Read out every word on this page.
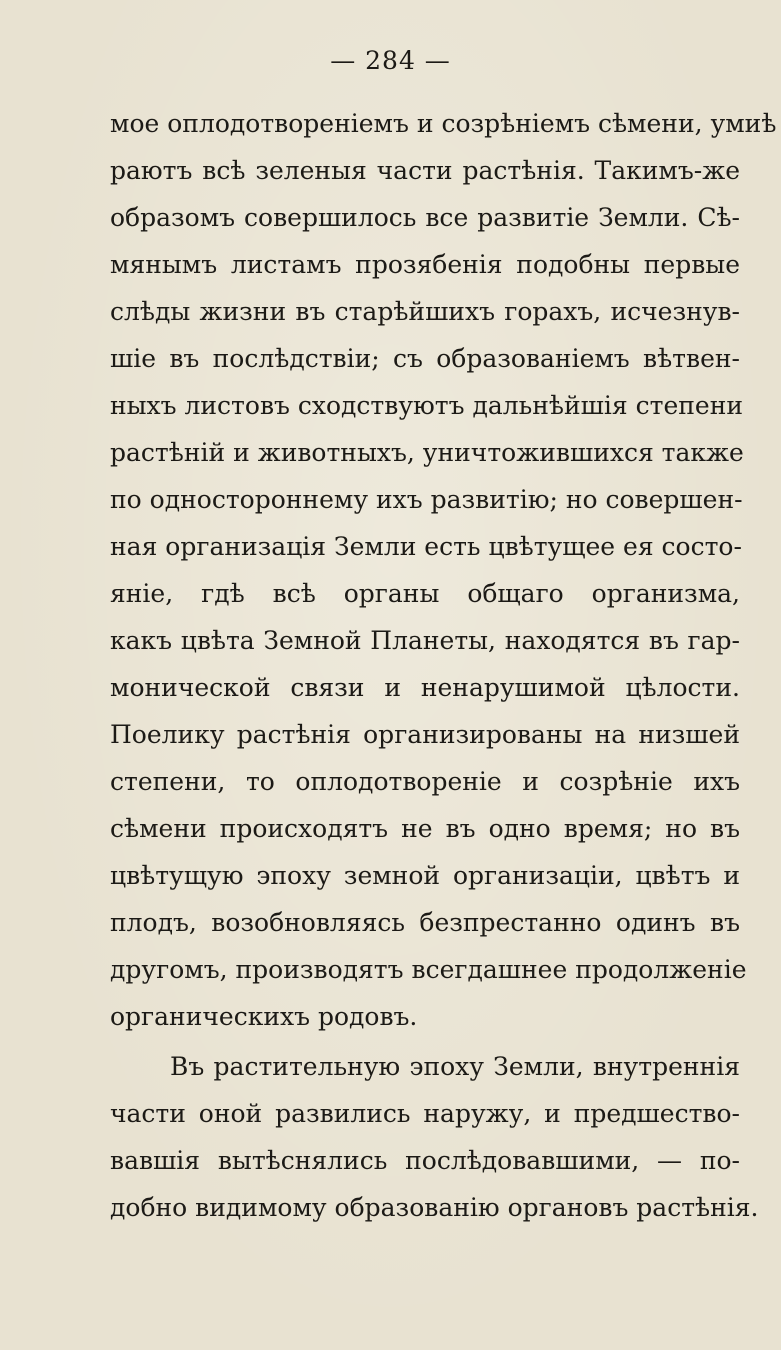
— 284 —
мое оплодотвореніемъ и созрѣніемъ сѣмени, умиѣ
раютъ всѣ зеленыя части растѣнія. Такимъ-же
образомъ совершилось все развитіе Земли. Сѣ-
мянымъ листамъ прозябенія подобны первые
слѣды жизни въ старѣйшихъ горахъ, исчезнув-
шіе въ послѣдствіи; съ образованіемъ вѣтвен-
ныхъ листовъ сходствуютъ дальнѣйшія степени
растѣній и животныхъ, уничтожившихся также
по одностороннему ихъ развитію; но совершен-
ная организація Земли есть цвѣтущее ея состо-
яніе, гдѣ всѣ органы общаго организма,
какъ цвѣта Земной Планеты, находятся въ гар-
монической связи и ненарушимой цѣлости.
Поелику растѣнія организированы на низшей
степени, то оплодотвореніе и созрѣніе ихъ
сѣмени происходятъ не въ одно время; но въ
цвѣтущую эпоху земной организаціи, цвѣтъ и
плодъ, возобновляясь безпрестанно одинъ въ
другомъ, производятъ всегдашнее продолженіе
органическихъ родовъ.
Въ растительную эпоху Земли, внутреннія
части оной развились наружу, и предшество-
вавшія вытѣснялись послѣдовавшими, — по-
добно видимому образованію органовъ растѣнія.
